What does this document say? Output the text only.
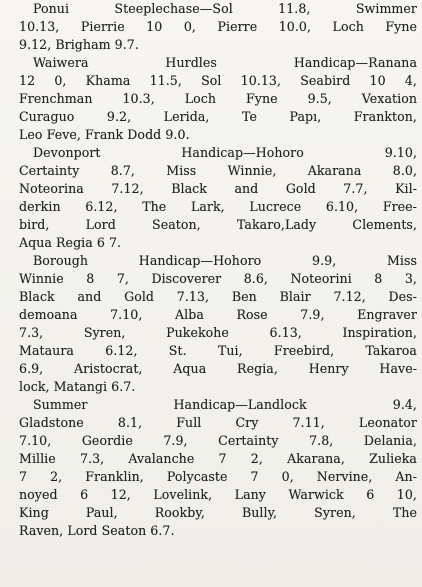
Ponui Steeplechase—Sol 11.8, Swimmer
10.13, Pierrie 10 0, Pierre 10.0, Loch Fyne
9.12, Brigham 9.7.
Waiwera Hurdles Handicap—Ranana
12 0, Khama 11.5, Sol 10.13, Seabird 10 4,
Frenchman 10.3, Loch Fyne 9.5, Vexation
Curaguo 9.2, Lerida, Te Papı, Frankton,
Leo Feve, Frank Dodd 9.0.
Devonport Handicap—Hohoro 9.10,
Certainty 8.7, Miss Winnie, Akarana 8.0,
Noteorina 7.12, Black and Gold 7.7, Kil-
derkin 6.12, The Lark, Lucrece 6.10, Free-
bird, Lord Seaton, Takaro,Lady Clements,
Aqua Regia 6 7.
Borough Handicap—Hohoro 9.9, Miss
Winnie 8 7, Discoverer 8.6, Noteorini 8 3,
Black and Gold 7.13, Ben Blair 7.12, Des-
demoana 7.10, Alba Rose 7.9, Engraver
7.3, Syren, Pukekohe 6.13, Inspiration,
Mataura 6.12, St. Tui, Freebird, Takaroa
6.9, Aristocrat, Aqua Regia, Henry Have-
lock, Matangi 6.7.
Summer Handicap—Landlock 9.4,
Gladstone 8.1, Full Cry 7.11, Leonator
7.10, Geordie 7.9, Certainty 7.8, Delania,
Millie 7.3, Avalanche 7 2, Akarana, Zulieka
7 2, Franklin, Polycaste 7 0, Nervine, An-
noyed 6 12, Lovelink, Lany Warwick 6 10,
King Paul, Rookby, Bully, Syren, The
Raven, Lord Seaton 6.7.
